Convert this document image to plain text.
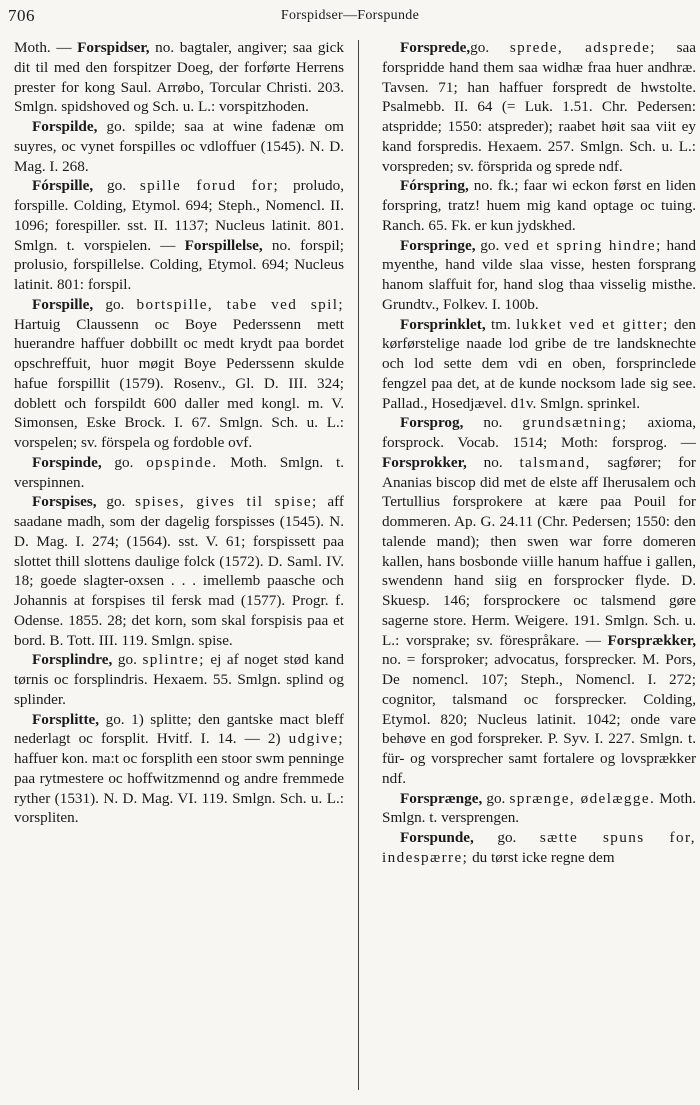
706	Forspidser—Forspunde

Moth. — Forspidser, no. bagtaler, angiver; saa gick dit til med den forspitzer Doeg, der forførte Herrens prester for kong Saul. Arrøbo, Torcular Christi. 203. Smlgn. spidshoved og Sch. u. L.: vorspitzhoden.

Forspilde, go. spilde; saa at wine fadenæ om suyres, oc vynet forspilles oc vdloffuer (1545). N. D. Mag. I. 268.

Fórspille, go. spille forud for; proludo, forspille. Colding, Etymol. 694; Steph., Nomencl. II. 1096; forespiller. sst. II. 1137; Nucleus latinit. 801. Smlgn. t. vorspielen. — Forspillelse, no. forspil; prolusio, forspillelse. Colding, Etymol. 694; Nucleus latinit. 801: forspil.

Forspille, go. bortspille, tabe ved spil; Hartuig Claussenn oc Boye Pederssenn mett huerandre haffuer dobbillt oc medt krydt paa bordet opschreffuit, huor møgit Boye Pederssenn skulde hafue forspillit (1579). Rosenv., Gl. D. III. 324; doblett och forspildt 600 daller med kongl. m. V. Simonsen, Eske Brock. I. 67. Smlgn. Sch. u. L.: vorspelen; sv. förspela og fordoble ovf.

Forspinde, go. opspinde. Moth. Smlgn. t. verspinnen.

Forspises, go. spises, gives til spise; aff saadane madh, som der dagelig forspisses (1545). N. D. Mag. I. 274; (1564). sst. V. 61; forspissett paa slottet thill slottens daulige folck (1572). D. Saml. IV. 18; goede slagter-oxsen . . . imellemb paasche och Johannis at forspises til fersk mad (1577). Progr. f. Odense. 1855. 28; det korn, som skal forspisis paa et bord. B. Tott. III. 119. Smlgn. spise.

Forsplindre, go. splintre; ej af noget stød kand tørnis oc forsplindris. Hexaem. 55. Smlgn. splind og splinder.

Forsplitte, go. 1) splitte; den gantske mact bleff nederlagt oc forsplit. Hvitf. I. 14. — 2) udgive; haffuer kon. ma:t oc forsplith een stoor swm penninge paa rytmestere oc hoffwitzmennd og andre fremmede ryther (1531). N. D. Mag. VI. 119. Smlgn. Sch. u. L.: vorspliten.

Forsprede,go. sprede, adsprede; saa forspridde hand them saa widhæ fraa huer andhræ. Tavsen. 71; han haffuer forspredt de hwstolte. Psalmebb. II. 64 (= Luk. 1.51. Chr. Pedersen: atspridde; 1550: atspreder); raabet høit saa viit ey kand forspredis. Hexaem. 257. Smlgn. Sch. u. L.: vorspreden; sv. försprida og sprede ndf.

Fórspring, no. fk.; faar wi eckon først en liden forspring, tratz! huem mig kand optage oc tuing. Ranch. 65. Fk. er kun jydskhed.

Forspringe, go. ved et spring hindre; hand myenthe, hand vilde slaa visse, hesten forsprang hanom slaffuit for, hand slog thaa visselig misthe. Grundtv., Folkev. I. 100b.

Forsprinklet, tm. lukket ved et gitter; den kørførstelige naade lod gribe de tre landsknechte och lod sette dem vdi en oben, forsprinclede fengzel paa det, at de kunde nocksom lade sig see. Pallad., Hosedjævel. d1v. Smlgn. sprinkel.

Forsprog, no. grundsætning; axioma, forsprock. Vocab. 1514; Moth: forsprog. — Forsprokker, no. talsmand, sagfører; for Ananias biscop did met de elste aff Iherusalem och Tertullius forsprokere at kære paa Pouil for dommeren. Ap. G. 24.11 (Chr. Pedersen; 1550: den talende mand); then swen war forre domeren kallen, hans bosbonde viille hanum haffue i gallen, swendenn hand siig en forsprocker flyde. D. Skuesp. 146; forsprockere oc talsmend gøre sagerne store. Herm. Weigere. 191. Smlgn. Sch. u. L.: vorsprake; sv. förespråkare. — Forsprækker, no. = forsproker; advocatus, forsprecker. M. Pors, De nomencl. 107; Steph., Nomencl. I. 272; cognitor, talsmand oc forsprecker. Colding, Etymol. 820; Nucleus latinit. 1042; onde vare behøve en god forspreker. P. Syv. I. 227. Smlgn. t. für- og vorsprecher samt fortalere og lovsprækker ndf.

Forsprænge, go. sprænge, ødelægge. Moth. Smlgn. t. versprengen.

Forspunde, go. sætte spuns for, indespærre; du tørst icke regne dem
